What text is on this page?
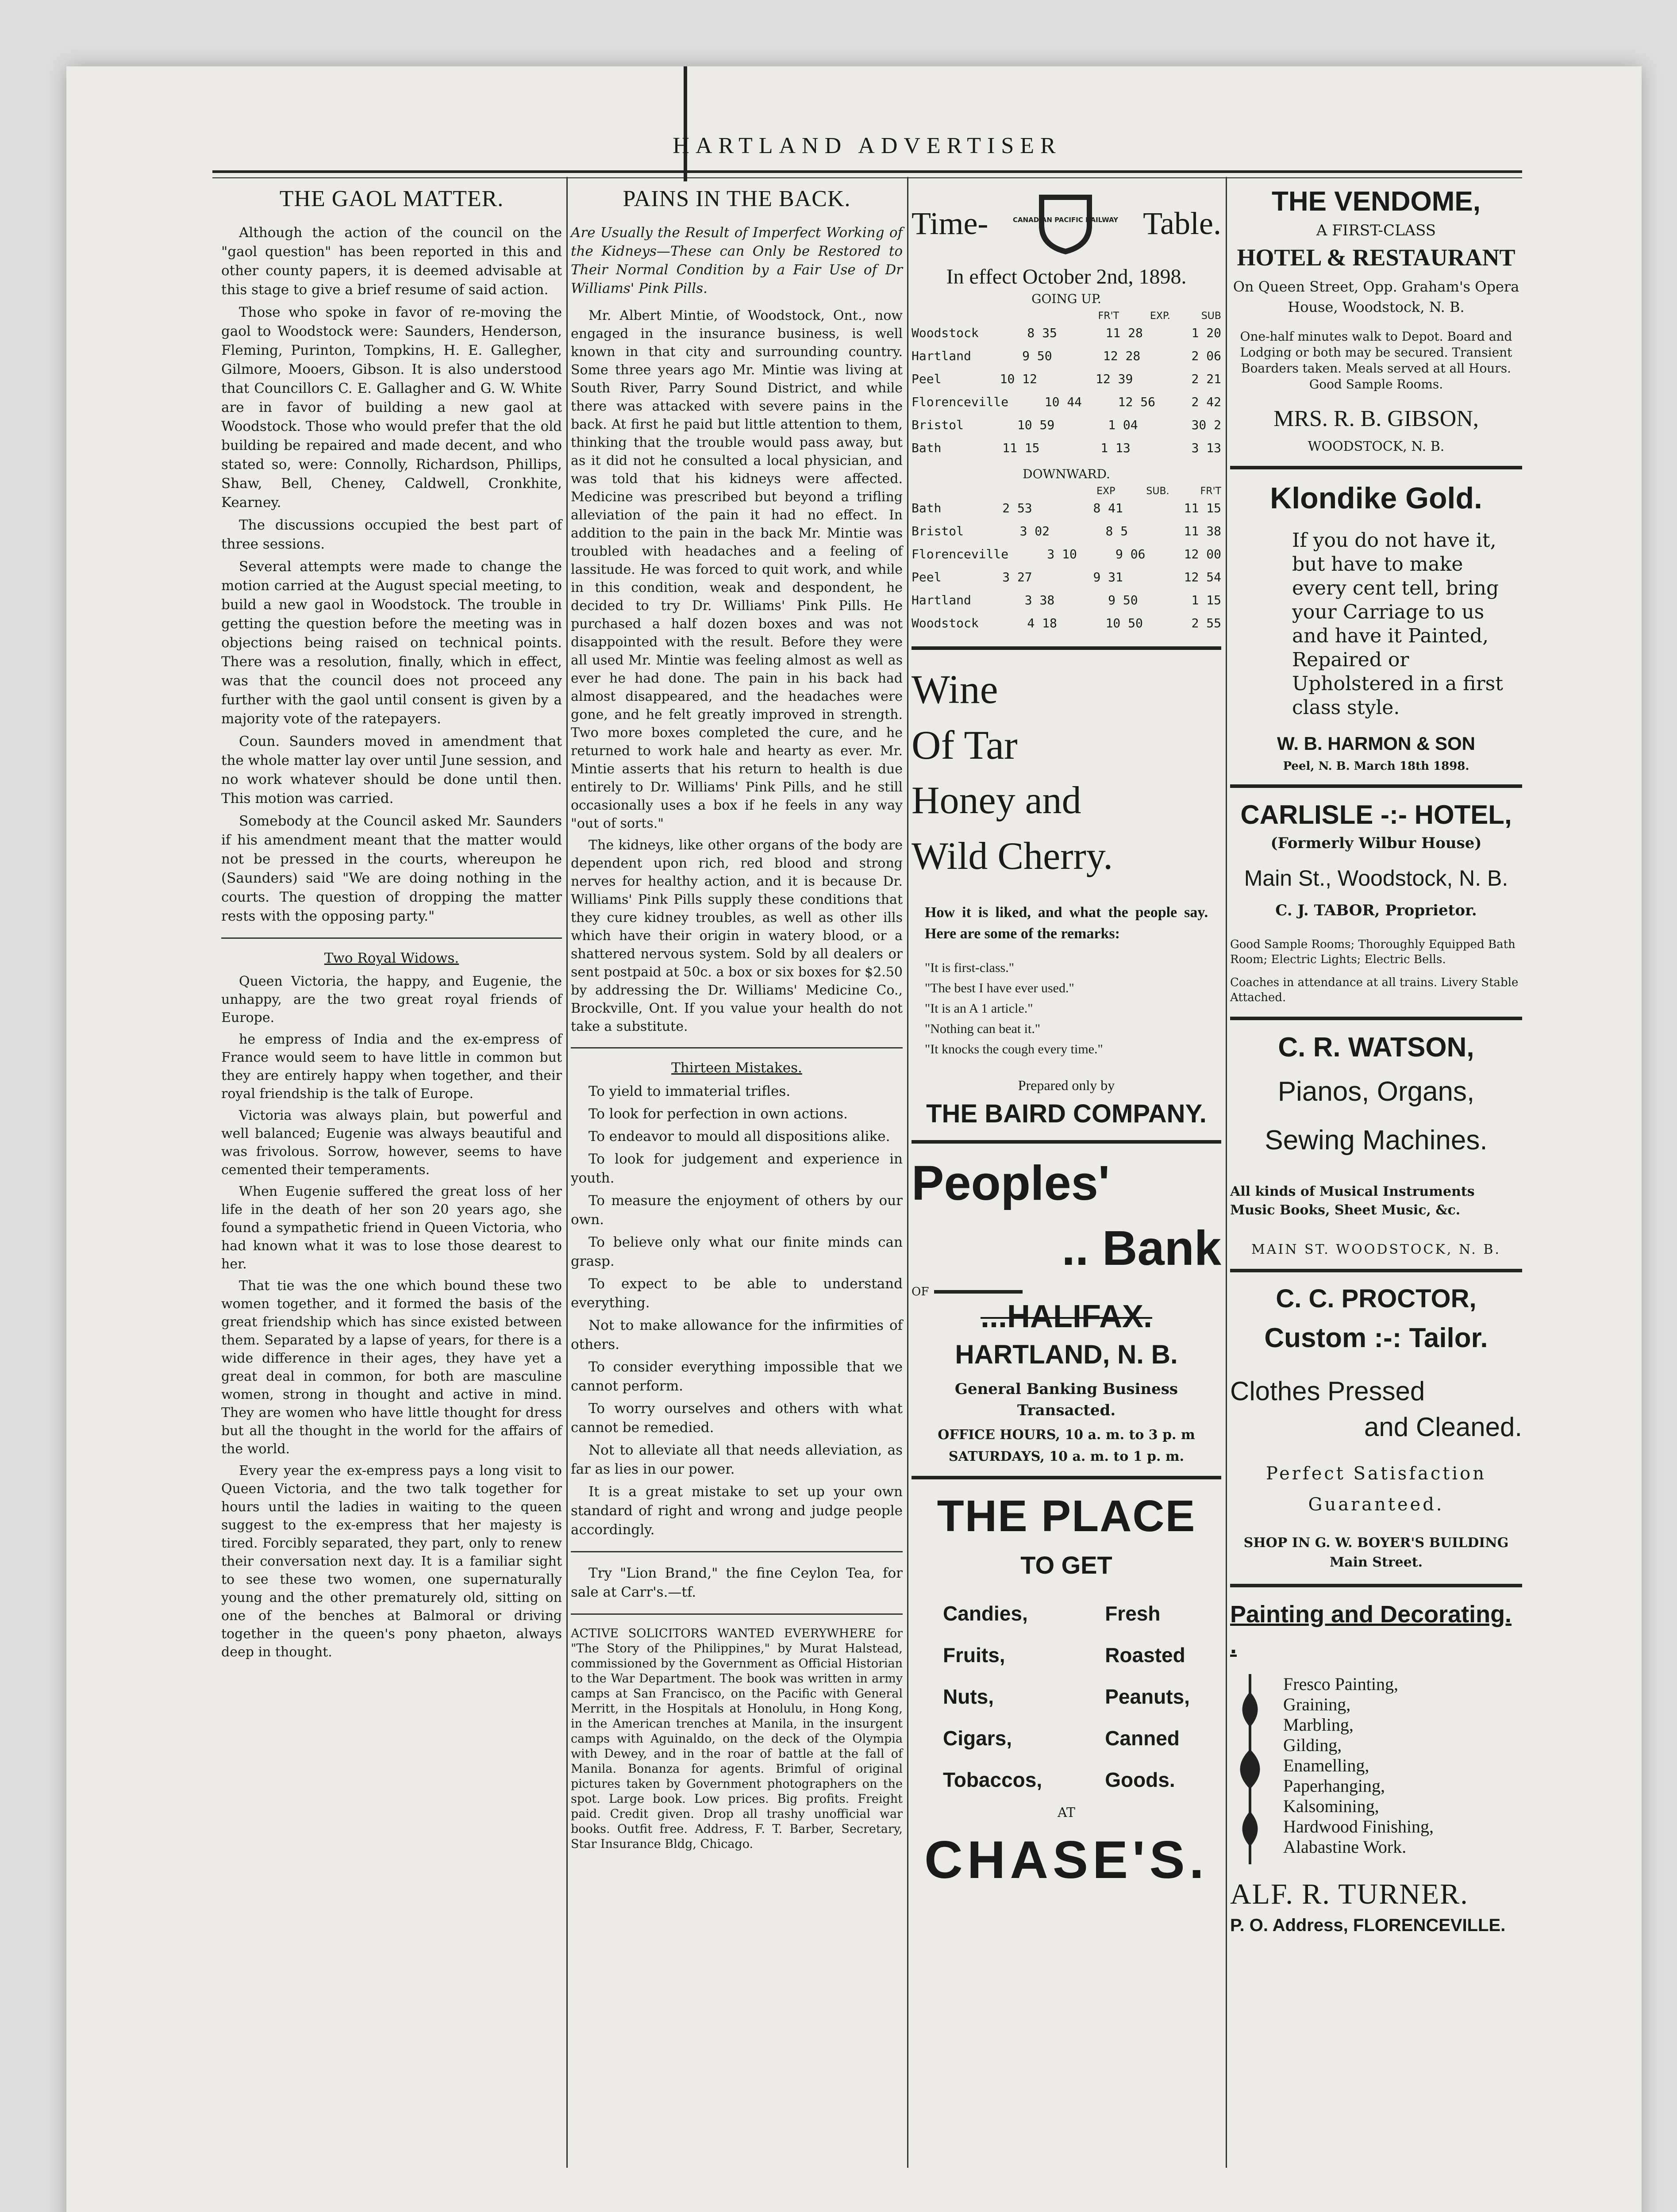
HARTLAND ADVERTISER
THE GAOL MATTER.

Although the action of the council on the "gaol question" has been reported in this and other county papers, it is deemed advisable at this stage to give a brief resume of said action.

Those who spoke in favor of re-moving the gaol to Woodstock were: Saunders, Henderson, Fleming, Purinton, Tompkins, H. E. Gallegher, Gilmore, Mooers, Gibson. It is also understood that Councillors C. E. Gallagher and G. W. White are in favor of building a new gaol at Woodstock. Those who would prefer that the old building be repaired and made decent, and who stated so, were: Connolly, Richardson, Phillips, Shaw, Bell, Cheney, Caldwell, Cronkhite, Kearney.

The discussions occupied the best part of three sessions.

Several attempts were made to change the motion carried at the August special meeting, to build a new gaol in Woodstock. The trouble in getting the question before the meeting was in objections being raised on technical points. There was a resolution, finally, which in effect, was that the council does not proceed any further with the gaol until consent is given by a majority vote of the ratepayers.

Coun. Saunders moved in amendment that the whole matter lay over until June session, and no work whatever should be done until then. This motion was carried.

Somebody at the Council asked Mr. Saunders if his amendment meant that the matter would not be pressed in the courts, whereupon he (Saunders) said "We are doing nothing in the courts. The question of dropping the matter rests with the opposing party."

Two Royal Widows.

Queen Victoria, the happy, and Eugenie, the unhappy, are the two great royal friends of Europe.

he empress of India and the ex-empress of France would seem to have little in common but they are entirely happy when together, and their royal friendship is the talk of Europe.

Victoria was always plain, but powerful and well balanced; Eugenie was always beautiful and was frivolous. Sorrow, however, seems to have cemented their temperaments.

When Eugenie suffered the great loss of her life in the death of her son 20 years ago, she found a sympathetic friend in Queen Victoria, who had known what it was to lose those dearest to her.

That tie was the one which bound these two women together, and it formed the basis of the great friendship which has since existed between them. Separated by a lapse of years, for there is a wide difference in their ages, they have yet a great deal in common, for both are masculine women, strong in thought and active in mind. They are women who have little thought for dress but all the thought in the world for the affairs of the world.

Every year the ex-empress pays a long visit to Queen Victoria, and the two talk together for hours until the ladies in waiting to the queen suggest to the ex-empress that her majesty is tired. Forcibly separated, they part, only to renew their conversation next day. It is a familiar sight to see these two women, one supernaturally young and the other prematurely old, sitting on one of the benches at Balmoral or driving together in the queen's pony phaeton, always deep in thought.

PAINS IN THE BACK.
Are Usually the Result of Imperfect Working of the Kidneys—These can Only be Restored to Their Normal Condition by a Fair Use of Dr Williams' Pink Pills.

Mr. Albert Mintie, of Woodstock, Ont., now engaged in the insurance business, is well known in that city and surrounding country. Some three years ago Mr. Mintie was living at South River, Parry Sound District, and while there was attacked with severe pains in the back. At first he paid but little attention to them, thinking that the trouble would pass away, but as it did not he consulted a local physician, and was told that his kidneys were affected. Medicine was prescribed but beyond a trifling alleviation of the pain it had no effect. In addition to the pain in the back Mr. Mintie was troubled with headaches and a feeling of lassitude. He was forced to quit work, and while in this condition, weak and despondent, he decided to try Dr. Williams' Pink Pills. He purchased a half dozen boxes and was not disappointed with the result. Before they were all used Mr. Mintie was feeling almost as well as ever he had done. The pain in his back had almost disappeared, and the headaches were gone, and he felt greatly improved in strength. Two more boxes completed the cure, and he returned to work hale and hearty as ever. Mr. Mintie asserts that his return to health is due entirely to Dr. Williams' Pink Pills, and he still occasionally uses a box if he feels in any way "out of sorts."

The kidneys, like other organs of the body are dependent upon rich, red blood and strong nerves for healthy action, and it is because Dr. Williams' Pink Pills supply these conditions that they cure kidney troubles, as well as other ills which have their origin in watery blood, or a shattered nervous system. Sold by all dealers or sent postpaid at 50c. a box or six boxes for $2.50 by addressing the Dr. Williams' Medicine Co., Brockville, Ont. If you value your health do not take a substitute.

Thirteen Mistakes.

To yield to immaterial trifles.

To look for perfection in own actions.

To endeavor to mould all dispositions alike.

To look for judgement and experience in youth.

To measure the enjoyment of others by our own.

To believe only what our finite minds can grasp.

To expect to be able to understand everything.

Not to make allowance for the infirmities of others.

To consider everything impossible that we cannot perform.

To worry ourselves and others with what cannot be remedied.

Not to alleviate all that needs alleviation, as far as lies in our power.

It is a great mistake to set up your own standard of right and wrong and judge people accordingly.

Try "Lion Brand," the fine Ceylon Tea, for sale at Carr's.—tf.

ACTIVE SOLICITORS WANTED EVERYWHERE for "The Story of the Philippines," by Murat Halstead, commissioned by the Government as Official Historian to the War Department. The book was written in army camps at San Francisco, on the Pacific with General Merritt, in the Hospitals at Honolulu, in Hong Kong, in the American trenches at Manila, in the insurgent camps with Aguinaldo, on the deck of the Olympia with Dewey, and in the roar of battle at the fall of Manila. Bonanza for agents. Brimful of original pictures taken by Government photographers on the spot. Large book. Low prices. Big profits. Freight paid. Credit given. Drop all trashy unofficial war books. Outfit free. Address, F. T. Barber, Secretary, Star Insurance Bldg, Chicago.
Time-	CANADIAN PACIFIC RAILWAY Table.
In effect October 2nd, 1898.
GOING UP.
FR'T	EXP.	SUB
Woodstock	8 35	11 28	1 20
Hartland	9 50	12 28	2 06
Peel	10 12	12 39	2 21
Florenceville	10 44	12 56	2 42
Bristol	10 59	1 04	30 2
Bath	11 15	1 13	3 13
DOWNWARD.
EXP	SUB.	FR'T
Bath	2 53	8 41	11 15
Bristol	3 02	8 5	11 38
Florenceville	3 10	9 06	12 00
Peel	3 27	9 31	12 54
Hartland	3 38	9 50	1 15
Woodstock	4 18	10 50	2 55
Wine
Of Tar
Honey and
Wild Cherry.
How it is liked, and what the people say. Here are some of the remarks:
"It is first-class."
"The best I have ever used."
"It is an A 1 article."
"Nothing can beat it."
"It knocks the cough every time."
Prepared only by
THE BAIRD COMPANY.
Peoples'
.. Bank
OF
...HALIFAX.
HARTLAND, N. B.
General Banking Business Transacted.
OFFICE HOURS, 10 a. m. to 3 p. m
SATURDAYS, 10 a. m. to 1 p. m.
THE PLACE
TO GET
Candies,
Fruits,
Nuts,
Cigars,
Tobaccos,
Fresh
Roasted
Peanuts,
Canned
Goods.
AT
CHASE'S.
THE VENDOME,
A FIRST-CLASS
HOTEL & RESTAURANT
On Queen Street, Opp. Graham's Opera House, Woodstock, N. B.
One-half minutes walk to Depot. Board and Lodging or both may be secured. Transient Boarders taken. Meals served at all Hours. Good Sample Rooms.
MRS. R. B. GIBSON,
WOODSTOCK, N. B.
Klondike Gold.
If you do not have it, but have to make every cent tell, bring your Carriage to us and have it Painted, Repaired or Upholstered in a first class style.
W. B. HARMON & SON
Peel, N. B. March 18th 1898.
CARLISLE -:- HOTEL,
(Formerly Wilbur House)
Main St., Woodstock, N. B.
C. J. TABOR, Proprietor.
Good Sample Rooms; Thoroughly Equipped Bath Room; Electric Lights; Electric Bells.
Coaches in attendance at all trains. Livery Stable Attached.
C. R. WATSON,
Pianos, Organs, Sewing Machines.
All kinds of Musical Instruments Music Books, Sheet Music, &c.
MAIN ST. WOODSTOCK, N. B.
C. C. PROCTOR,
Custom :-: Tailor.
Clothes Pressed
and Cleaned.
Perfect Satisfaction Guaranteed.
SHOP IN G. W. BOYER'S BUILDING Main Street.
Painting and Decorating. .
Fresco Painting,
Graining,
Marbling,
Gilding,
Enamelling,
Paperhanging,
Kalsomining,
Hardwood Finishing,
Alabastine Work.
ALF. R. TURNER.
P. O. Address, FLORENCEVILLE.
